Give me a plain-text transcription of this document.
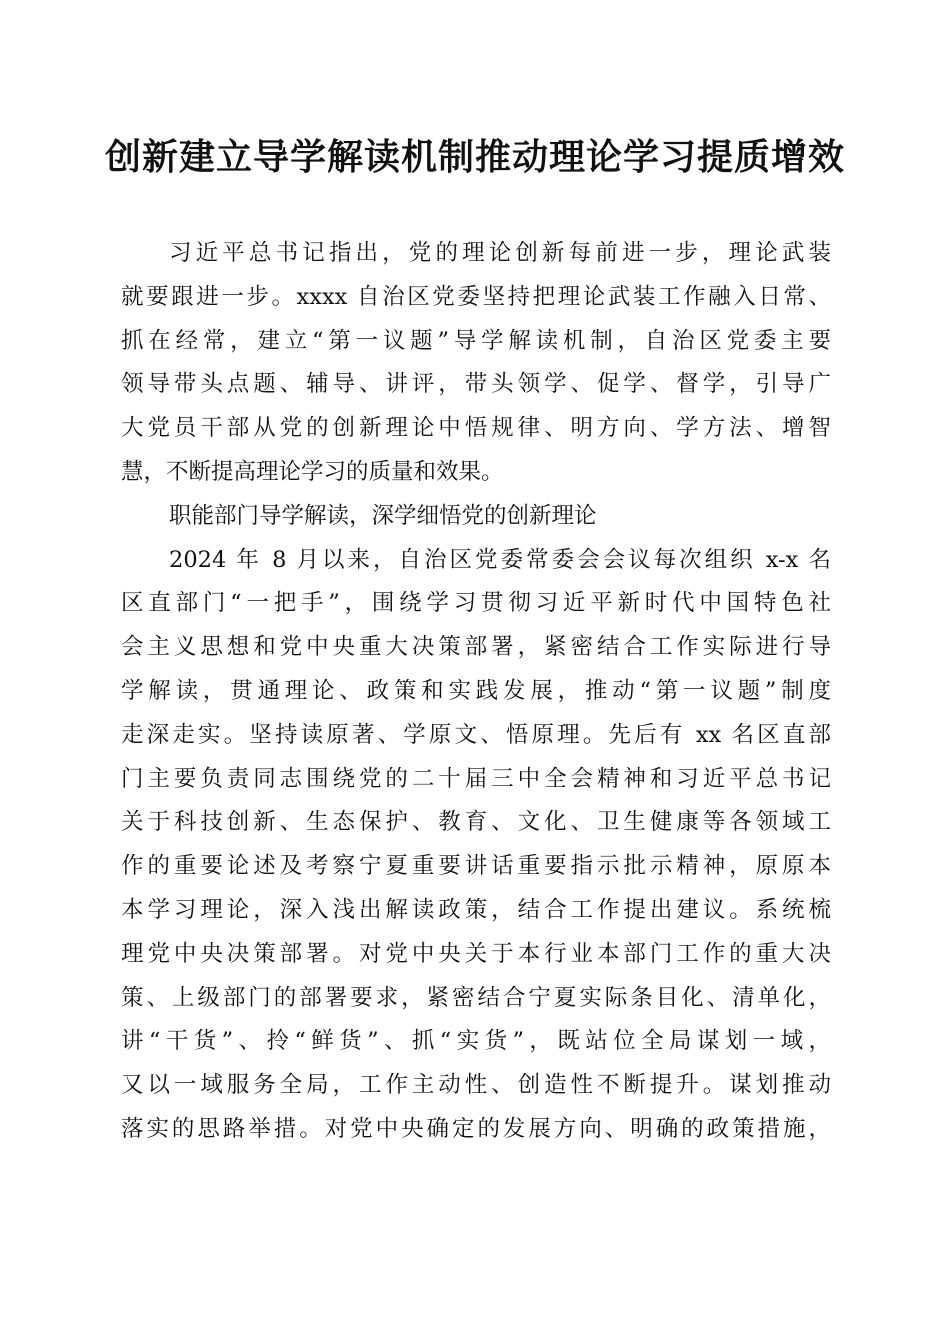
创新建立导学解读机制推动理论学习提质增效
习近平总书记指出，党的理论创新每前进一步，理论武装
就要跟进一步。xxxx 自治区党委坚持把理论武装工作融入日常、
抓在经常，建立“第一议题”导学解读机制，自治区党委主要
领导带头点题、辅导、讲评，带头领学、促学、督学，引导广
大党员干部从党的创新理论中悟规律、明方向、学方法、增智
慧，不断提高理论学习的质量和效果。
职能部门导学解读，深学细悟党的创新理论
2024 年 8 月以来，自治区党委常委会会议每次组织 x-x 名
区直部门“一把手”，围绕学习贯彻习近平新时代中国特色社
会主义思想和党中央重大决策部署，紧密结合工作实际进行导
学解读，贯通理论、政策和实践发展，推动“第一议题”制度
走深走实。坚持读原著、学原文、悟原理。先后有 xx 名区直部
门主要负责同志围绕党的二十届三中全会精神和习近平总书记
关于科技创新、生态保护、教育、文化、卫生健康等各领域工
作的重要论述及考察宁夏重要讲话重要指示批示精神，原原本
本学习理论，深入浅出解读政策，结合工作提出建议。系统梳
理党中央决策部署。对党中央关于本行业本部门工作的重大决
策、上级部门的部署要求，紧密结合宁夏实际条目化、清单化，
讲“干货”、拎“鲜货”、抓“实货”，既站位全局谋划一域，
又以一域服务全局，工作主动性、创造性不断提升。谋划推动
落实的思路举措。对党中央确定的发展方向、明确的政策措施，
